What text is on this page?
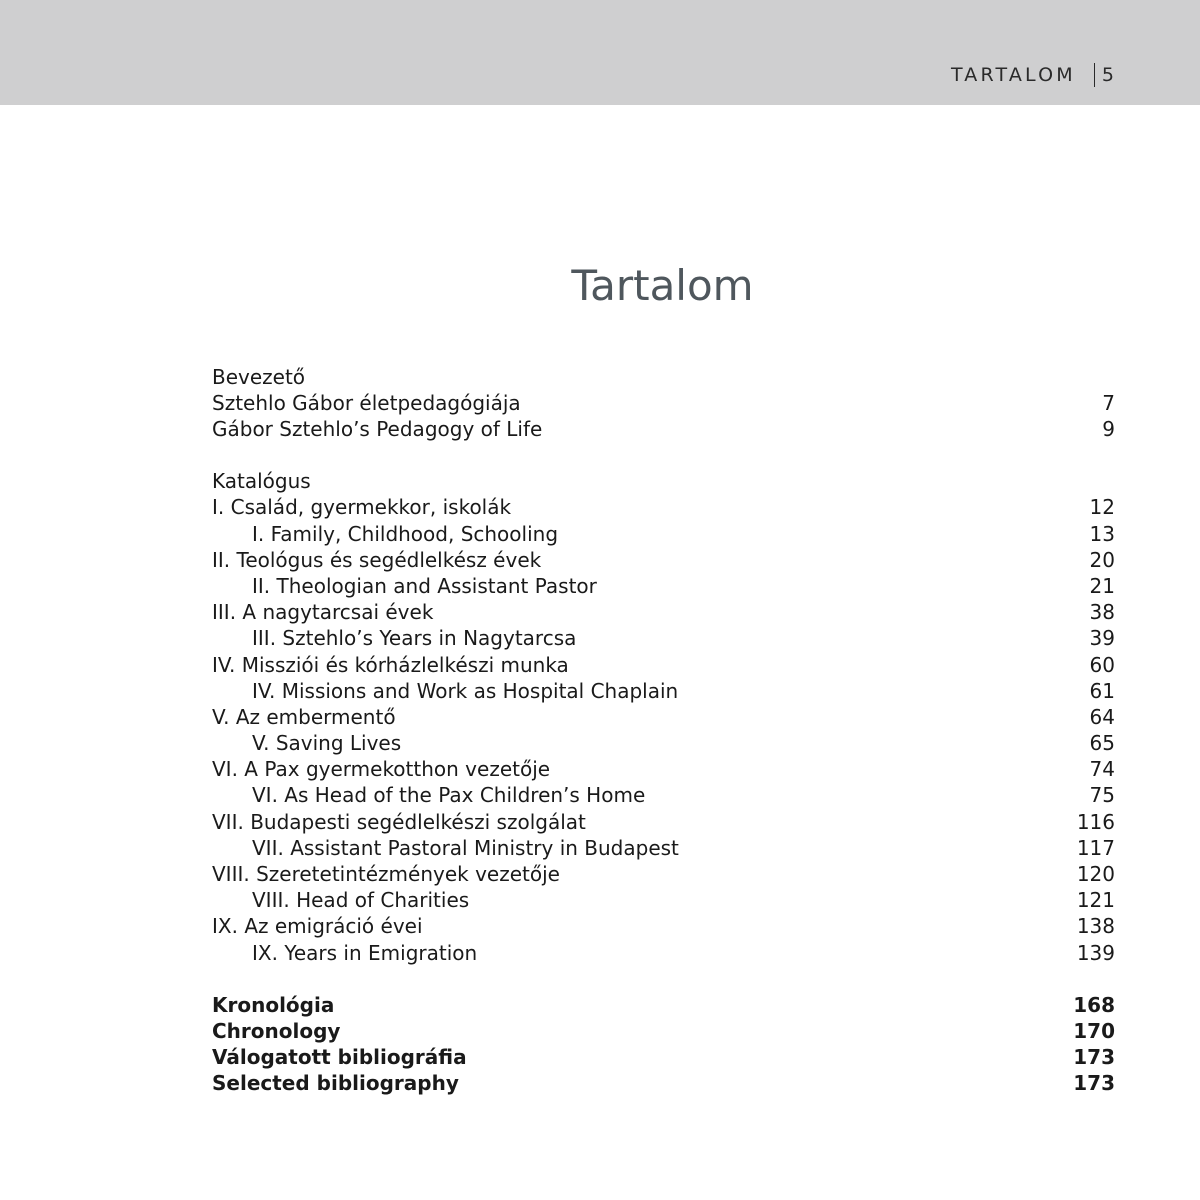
TARTALOM 5
Tartalom
Bevezető
Sztehlo Gábor életpedagógiája	7
Gábor Sztehlo’s Pedagogy of Life	9
Katalógus
I. Család, gyermekkor, iskolák	12
I. Family, Childhood, Schooling	13
II. Teológus és segédlelkész évek	20
II. Theologian and Assistant Pastor	21
III. A nagytarcsai évek	38
III. Sztehlo’s Years in Nagytarcsa	39
IV. Missziói és kórházlelkészi munka	60
IV. Missions and Work as Hospital Chaplain	61
V. Az embermentő	64
V. Saving Lives	65
VI. A Pax gyermekotthon vezetője	74
VI. As Head of the Pax Children’s Home	75
VII. Budapesti segédlelkészi szolgálat	116
VII. Assistant Pastoral Ministry in Budapest	117
VIII. Szeretetintézmények vezetője	120
VIII. Head of Charities	121
IX. Az emigráció évei	138
IX. Years in Emigration	139
Kronológia	168
Chronology	170
Válogatott bibliográfia	173
Selected bibliography	173
